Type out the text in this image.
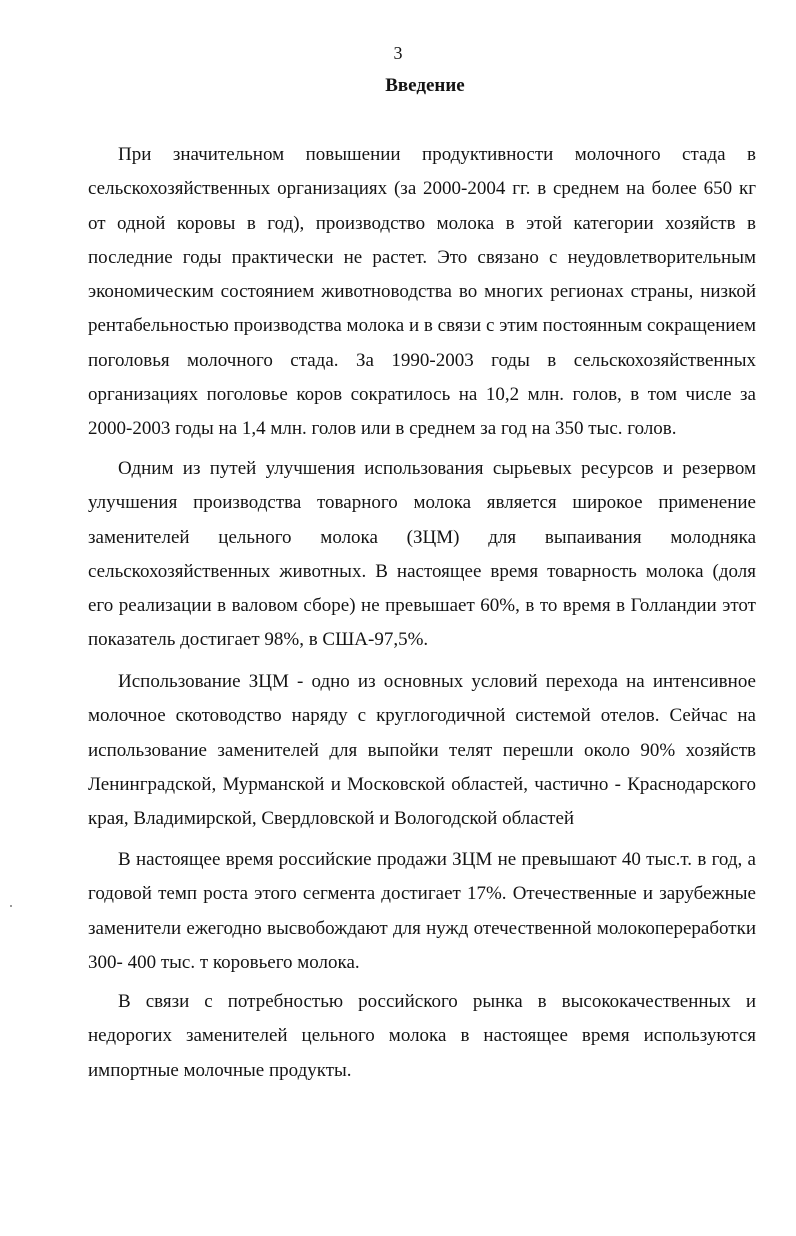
3
Введение

При значительном повышении продуктивности молочного стада в сельскохозяйственных организациях (за 2000-2004 гг. в среднем на более 650 кг от одной коровы в год), производство молока в этой категории хозяйств в последние годы практически не растет. Это связано с неудовлетворительным экономическим состоянием животноводства во многих регионах страны, низкой рентабельностью производства молока и в связи с этим постоянным сокращением поголовья молочного стада. За 1990-2003 годы в сельскохозяйственных организациях поголовье коров сократилось на 10,2 млн. голов, в том числе за 2000-2003 годы на 1,4 млн. голов или в среднем за год на 350 тыс. голов.

Одним из путей улучшения использования сырьевых ресурсов и резервом улучшения производства товарного молока является широкое применение заменителей цельного молока (ЗЦМ) для выпаивания молодняка сельскохозяйственных животных. В настоящее время товарность молока (доля его реализации в валовом сборе) не превышает 60%, в то время в Голландии этот показатель достигает 98%, в США-97,5%.

Использование ЗЦМ - одно из основных условий перехода на интенсивное молочное скотоводство наряду с круглогодичной системой отелов. Сейчас на использование заменителей для выпойки телят перешли около 90% хозяйств Ленинградской, Мурманской и Московской областей, частично - Краснодарского края, Владимирской, Свердловской и Вологодской областей

В настоящее время российские продажи ЗЦМ не превышают 40 тыс.т. в год, а годовой темп роста этого сегмента достигает 17%. Отечественные и зарубежные заменители ежегодно высвобождают для нужд отечественной молокопереработки 300- 400 тыс. т коровьего молока.

В связи с потребностью российского рынка в высококачественных и недорогих заменителей цельного молока в настоящее время используются импортные молочные продукты.
